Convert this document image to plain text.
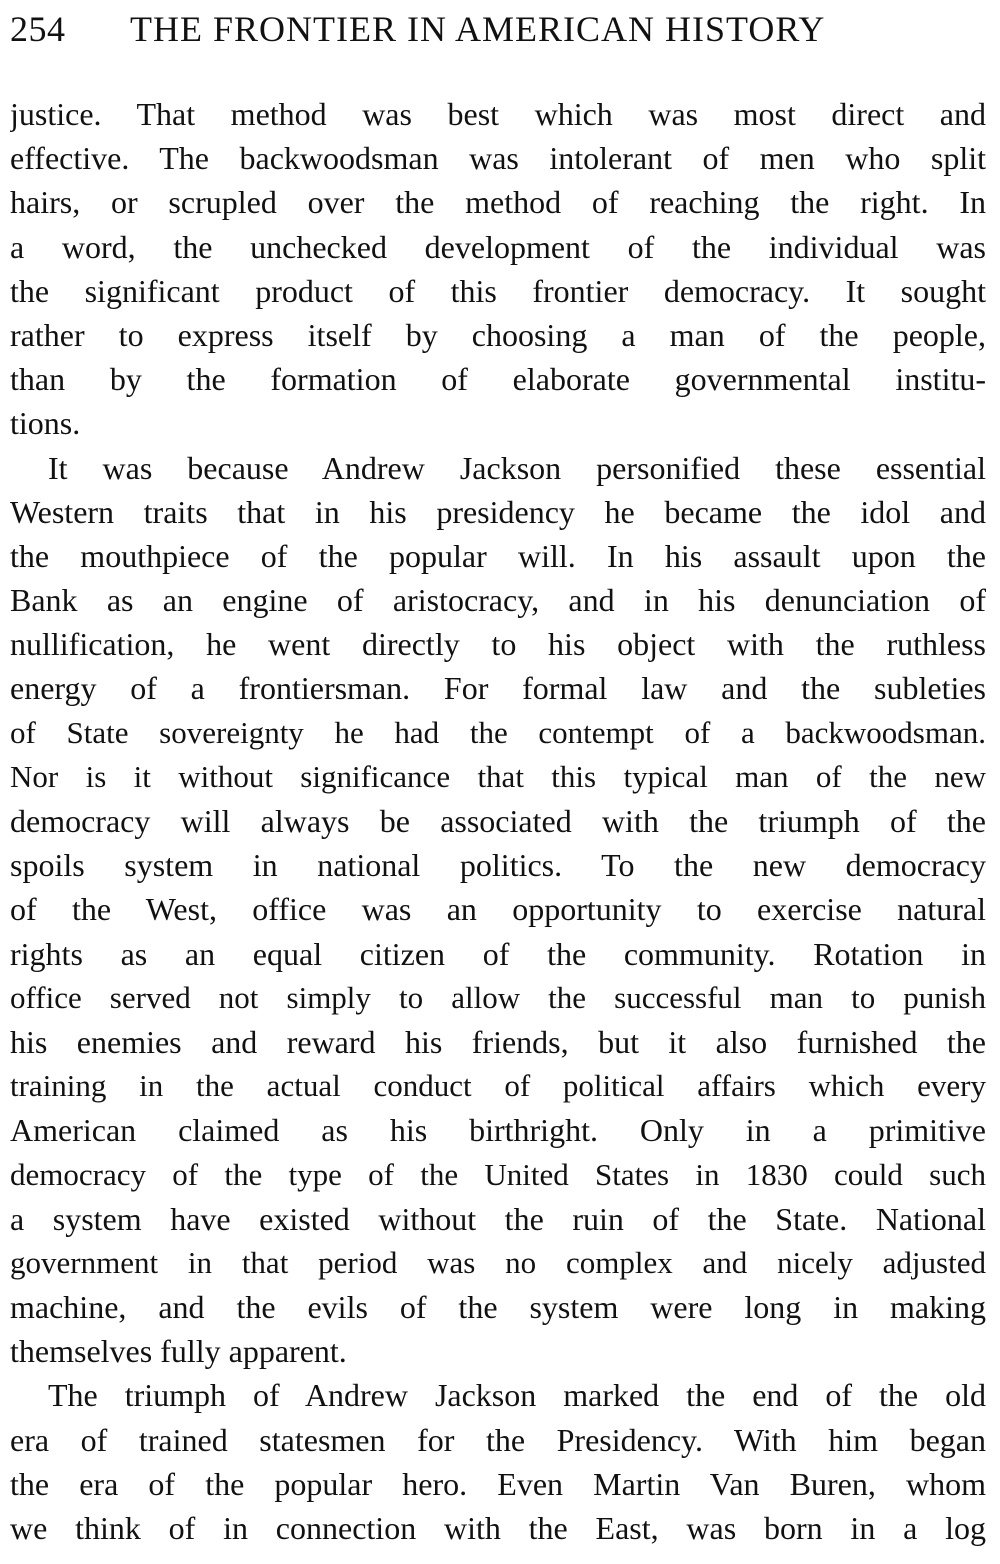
254	THE FRONTIER IN AMERICAN HISTORY
justice. That method was best which was most direct and
effective. The backwoodsman was intolerant of men who split
hairs, or scrupled over the method of reaching the right. In
a word, the unchecked development of the individual was
the significant product of this frontier democracy. It sought
rather to express itself by choosing a man of the people,
than by the formation of elaborate governmental institu-
tions.
It was because Andrew Jackson personified these essential
Western traits that in his presidency he became the idol and
the mouthpiece of the popular will. In his assault upon the
Bank as an engine of aristocracy, and in his denunciation of
nullification, he went directly to his object with the ruthless
energy of a frontiersman. For formal law and the subleties
of State sovereignty he had the contempt of a backwoodsman.
Nor is it without significance that this typical man of the new
democracy will always be associated with the triumph of the
spoils system in national politics. To the new democracy
of the West, office was an opportunity to exercise natural
rights as an equal citizen of the community. Rotation in
office served not simply to allow the successful man to punish
his enemies and reward his friends, but it also furnished the
training in the actual conduct of political affairs which every
American claimed as his birthright. Only in a primitive
democracy of the type of the United States in 1830 could such
a system have existed without the ruin of the State. National
government in that period was no complex and nicely adjusted
machine, and the evils of the system were long in making
themselves fully apparent.
The triumph of Andrew Jackson marked the end of the old
era of trained statesmen for the Presidency. With him began
the era of the popular hero. Even Martin Van Buren, whom
we think of in connection with the East, was born in a log
